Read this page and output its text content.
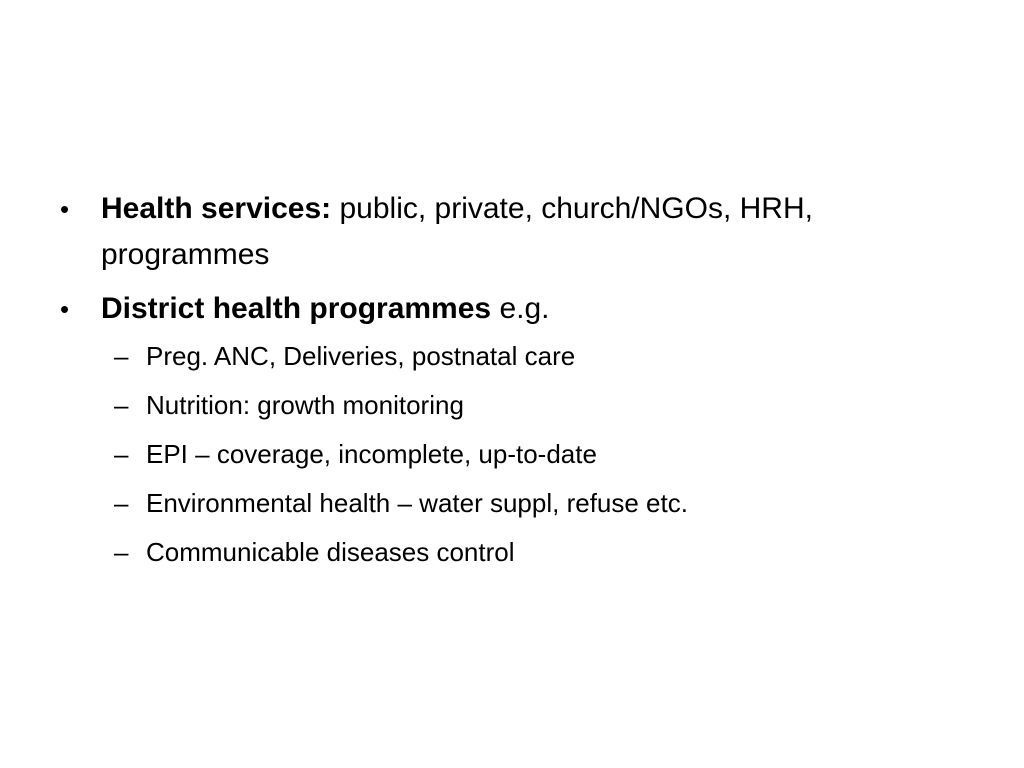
• Health services: public, private, church/NGOs, HRH, programmes
• District health programmes e.g.
– Preg. ANC, Deliveries, postnatal care
– Nutrition: growth monitoring
– EPI – coverage, incomplete, up-to-date
– Environmental health – water suppl, refuse etc.
– Communicable diseases control
